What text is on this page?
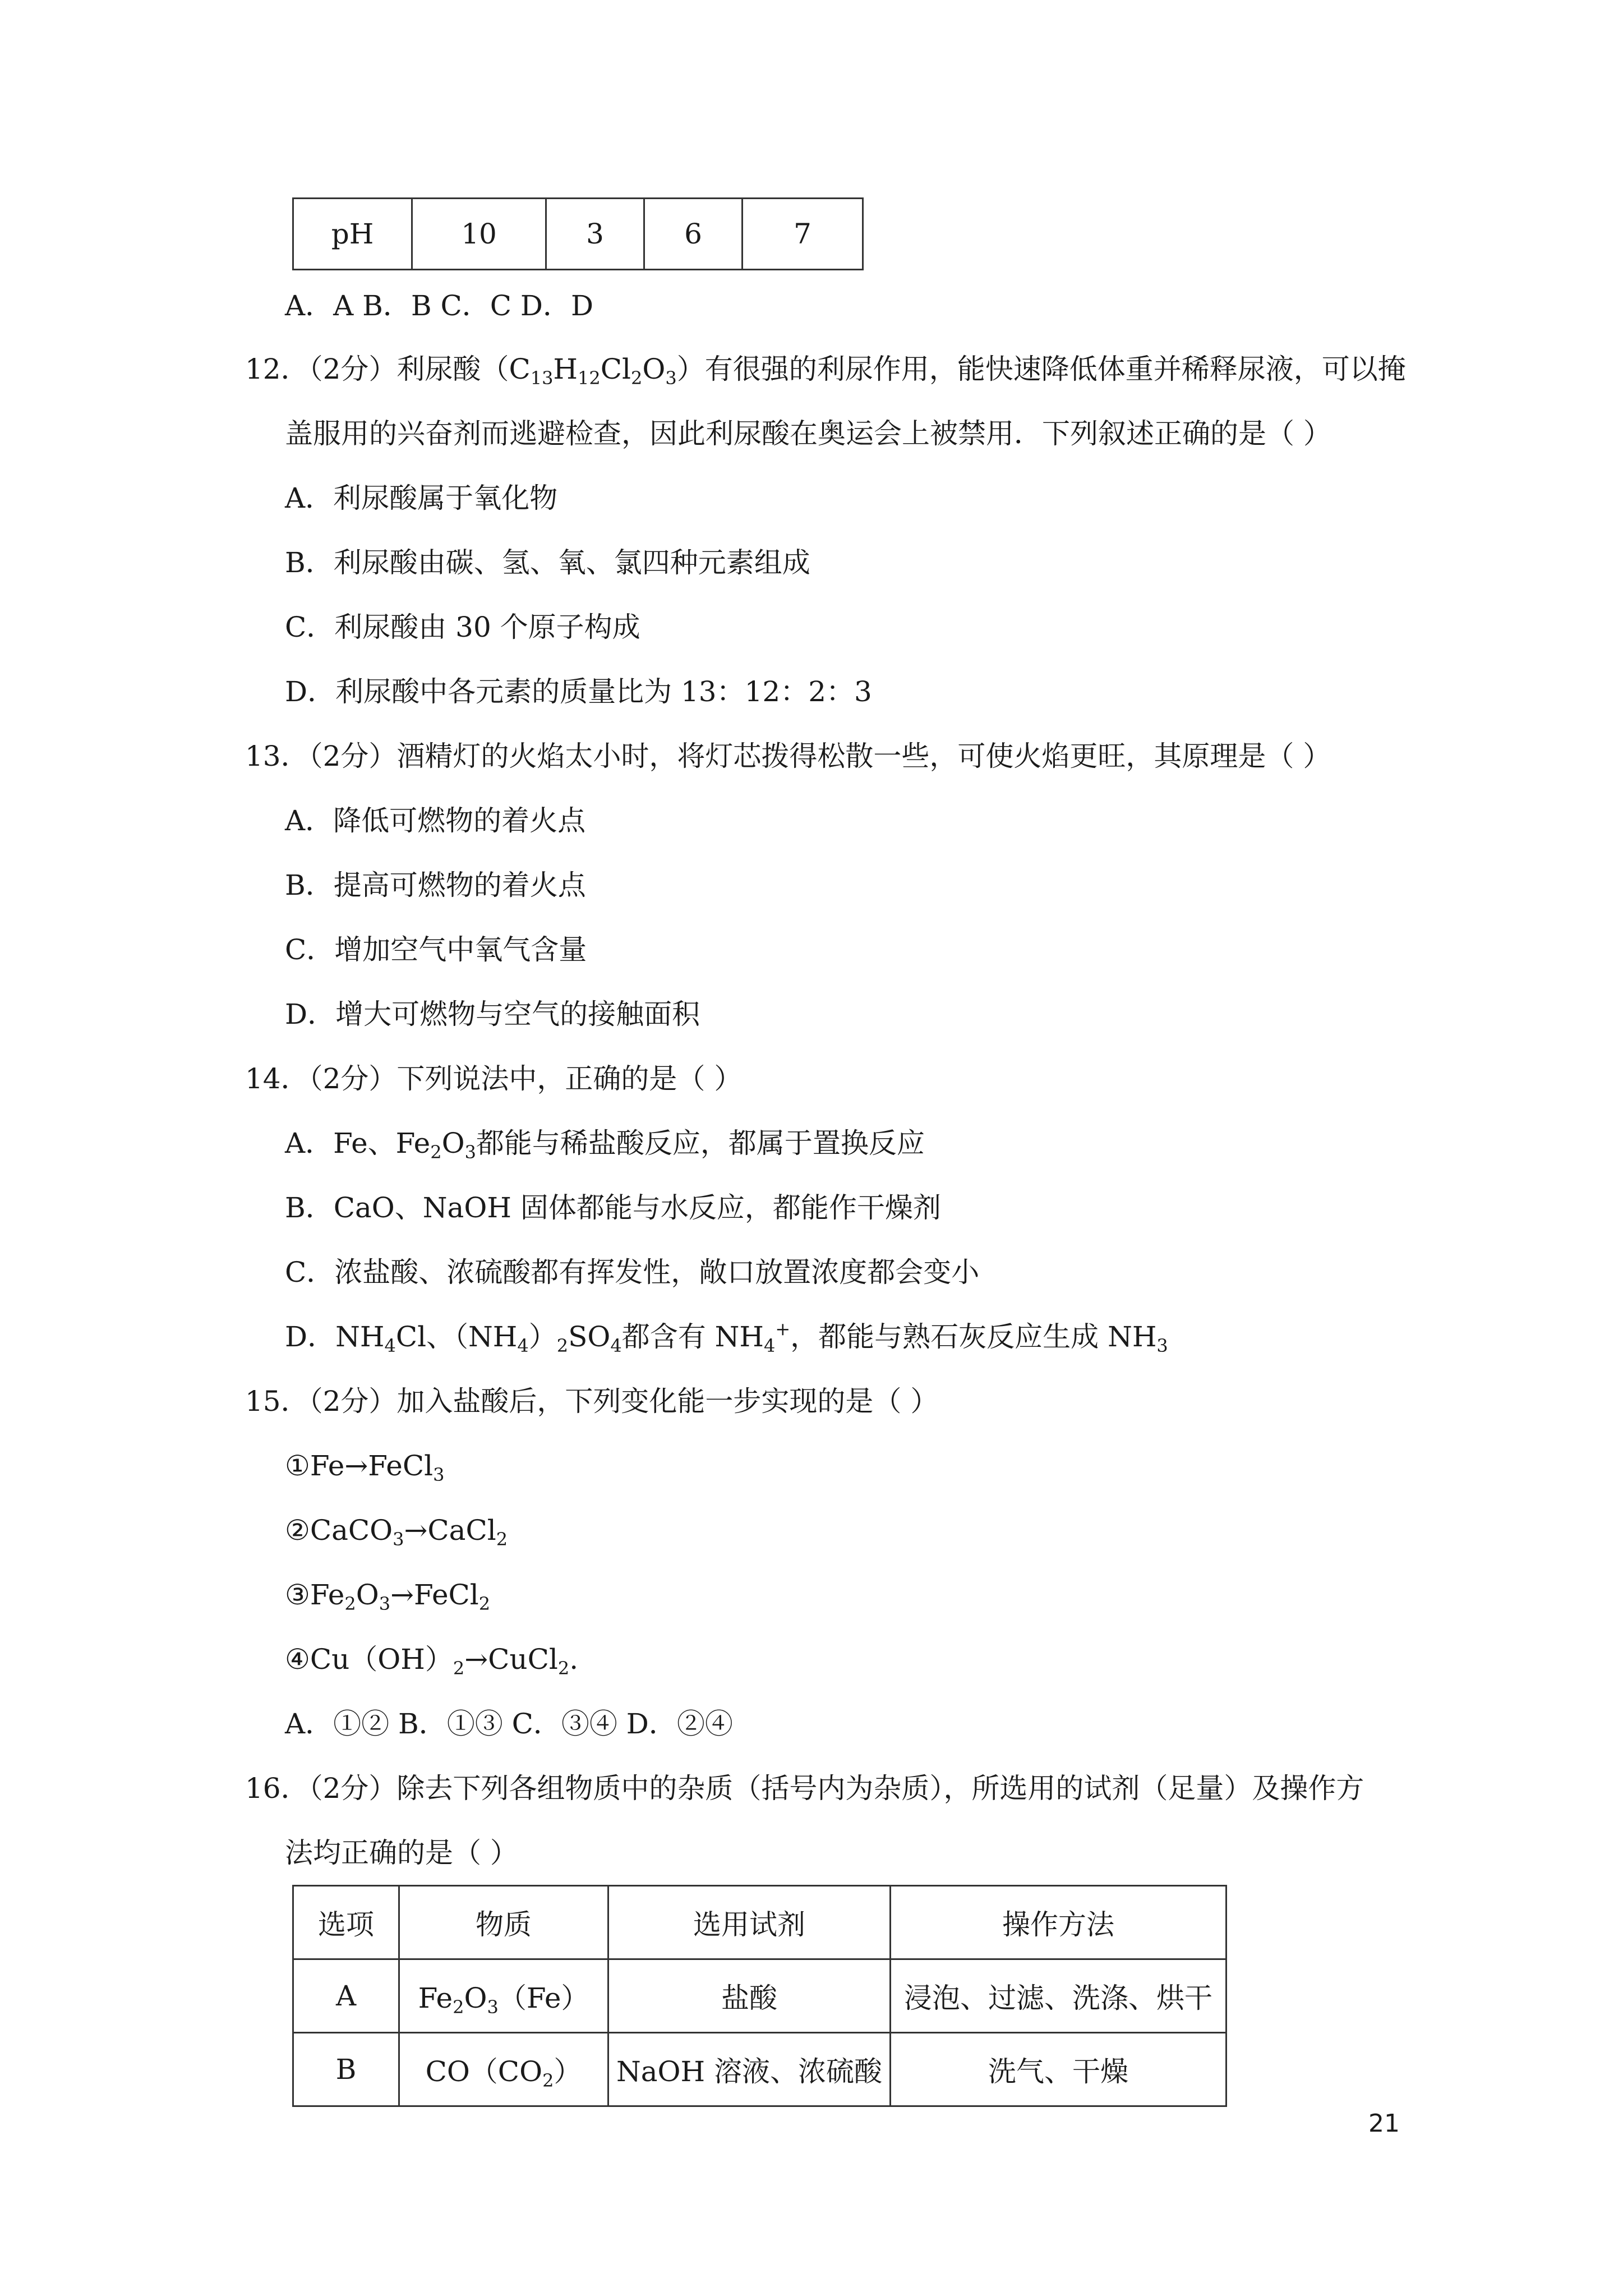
pH	10	3	6	7
A．A B．B C．C D．D
12．（2分）利尿酸$(C_{13}H_{12}Cl_2O_3)$有很强的利尿作用，能快速降低体重并稀释尿液，可以掩
盖服用的兴奋剂而逃避检查，因此利尿酸在奥运会上被禁用．下列叙述正确的是（ ）
A．利尿酸属于氧化物
B．利尿酸由碳、氢、氧、氯四种元素组成
C．利尿酸由 30 个原子构成
D．利尿酸中各元素的质量比为 13：12：2：3
13．（2分）酒精灯的火焰太小时，将灯芯拨得松散一些，可使火焰更旺，其原理是（ ）
A．降低可燃物的着火点
B．提高可燃物的着火点
C．增加空气中氧气含量
D．增大可燃物与空气的接触面积
14．（2分）下列说法中，正确的是（ ）
A．Fe、$Fe_2O_3$都能与稀盐酸反应，都属于置换反应
B．CaO、NaOH 固体都能与水反应，都能作干燥剂
C．浓盐酸、浓硫酸都有挥发性，敞口放置浓度都会变小
D．$NH_4Cl$、$(NH_4)_2SO_4$都含有 $NH_4^+$，都能与熟石灰反应生成 $NH_3$
15．（2分）加入盐酸后，下列变化能一步实现的是（ ）
①Fe→FeCl$_3$
②CaCO$_3$→CaCl$_2$
$③Fe_2O_3\to FeCl_2$
$④Cu(OH)_2\to CuCl_2$.
A．①② B．①③ C．③④ D．②④
16．（2分）除去下列各组物质中的杂质（括号内为杂质），所选用的试剂（足量）及操作方
法均正确的是（ ）
选项	物质	选用试剂	操作方法
A	$Fe_2O_3(Fe)$	盐酸	浸泡、过滤、洗涤、烘干
B	$CO(CO_2)$	NaOH 溶液、浓硫酸	洗气、干燥
21
